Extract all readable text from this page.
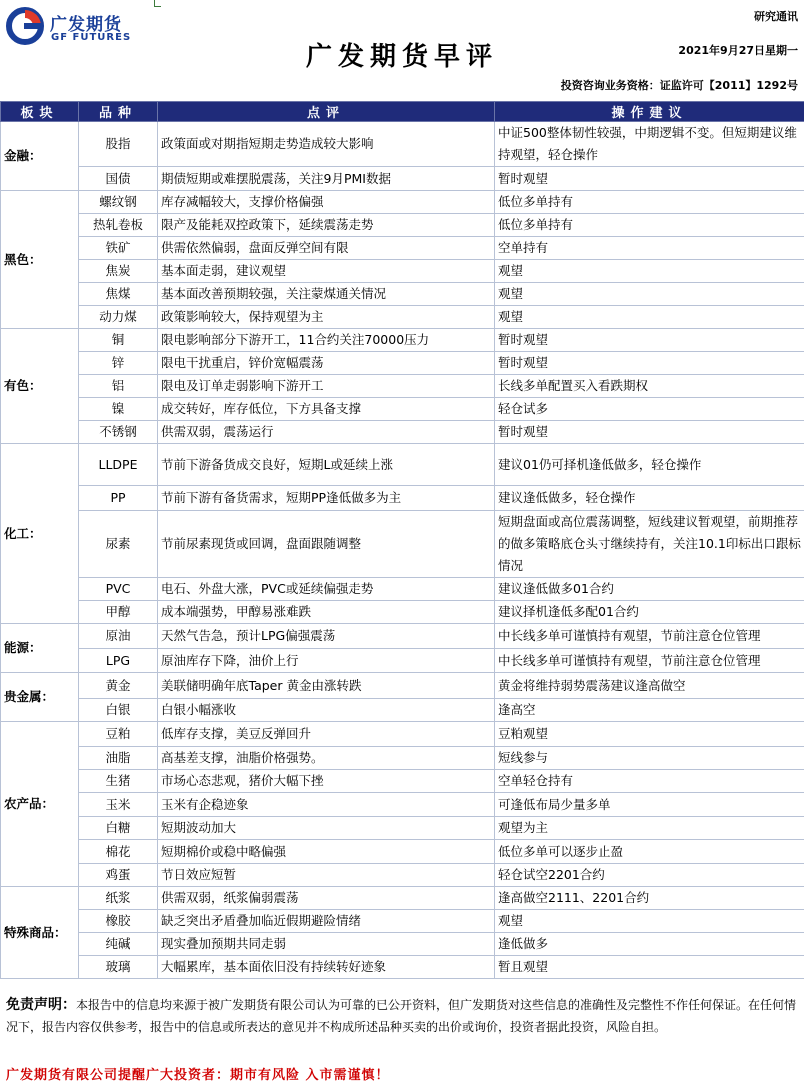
广发期货
GF FUTURES
研究通讯
广发期货早评	2021年9月27日星期一
投资咨询业务资格：证监许可【2011】1292号
板块	品种	点评	操作建议
金融：	股指	政策面或对期指短期走势造成较大影响	中证500整体韧性较强，中期逻辑不变。但短期建议维持观望，轻仓操作
	国债	期债短期或难摆脱震荡，关注9月PMI数据	暂时观望
黑色：	螺纹钢	库存减幅较大，支撑价格偏强	低位多单持有
	热轧卷板	限产及能耗双控政策下，延续震荡走势	低位多单持有
	铁矿	供需依然偏弱，盘面反弹空间有限	空单持有
	焦炭	基本面走弱，建议观望	观望
	焦煤	基本面改善预期较强，关注蒙煤通关情况	观望
	动力煤	政策影响较大，保持观望为主	观望
有色：	铜	限电影响部分下游开工，11合约关注70000压力	暂时观望
	锌	限电干扰重启，锌价宽幅震荡	暂时观望
	铝	限电及订单走弱影响下游开工	长线多单配置买入看跌期权
	镍	成交转好，库存低位，下方具备支撑	轻仓试多
	不锈钢	供需双弱，震荡运行	暂时观望
化工：	LLDPE	节前下游备货成交良好，短期L或延续上涨	建议01仍可择机逢低做多，轻仓操作
	PP	节前下游有备货需求，短期PP逢低做多为主	建议逢低做多，轻仓操作
	尿素	节前尿素现货或回调，盘面跟随调整	短期盘面或高位震荡调整，短线建议暂观望，前期推荐的做多策略底仓头寸继续持有，关注10.1印标出口跟标情况
	PVC	电石、外盘大涨，PVC或延续偏强走势	建议逢低做多01合约
	甲醇	成本端强势，甲醇易涨难跌	建议择机逢低多配01合约
能源：	原油	天然气告急，预计LPG偏强震荡	中长线多单可谨慎持有观望，节前注意仓位管理
	LPG	原油库存下降，油价上行	中长线多单可谨慎持有观望，节前注意仓位管理
贵金属：	黄金	美联储明确年底Taper 黄金由涨转跌	黄金将维持弱势震荡建议逢高做空
	白银	白银小幅涨收	逢高空
农产品：	豆粕	低库存支撑，美豆反弹回升	豆粕观望
	油脂	高基差支撑，油脂价格强势。	短线参与
	生猪	市场心态悲观，猪价大幅下挫	空单轻仓持有
	玉米	玉米有企稳迹象	可逢低布局少量多单
	白糖	短期波动加大	观望为主
	棉花	短期棉价或稳中略偏强	低位多单可以逐步止盈
	鸡蛋	节日效应短暂	轻仓试空2201合约
特殊商品：	纸浆	供需双弱，纸浆偏弱震荡	逢高做空2111、2201合约
	橡胶	缺乏突出矛盾叠加临近假期避险情绪	观望
	纯碱	现实叠加预期共同走弱	逢低做多
	玻璃	大幅累库，基本面依旧没有持续转好迹象	暂且观望
免责声明：本报告中的信息均来源于被广发期货有限公司认为可靠的已公开资料，但广发期货对这些信息的准确性及完整性不作任何保证。在任何情况下，报告内容仅供参考，报告中的信息或所表达的意见并不构成所述品种买卖的出价或询价，投资者据此投资，风险自担。
广发期货有限公司提醒广大投资者：期市有风险 入市需谨慎！
